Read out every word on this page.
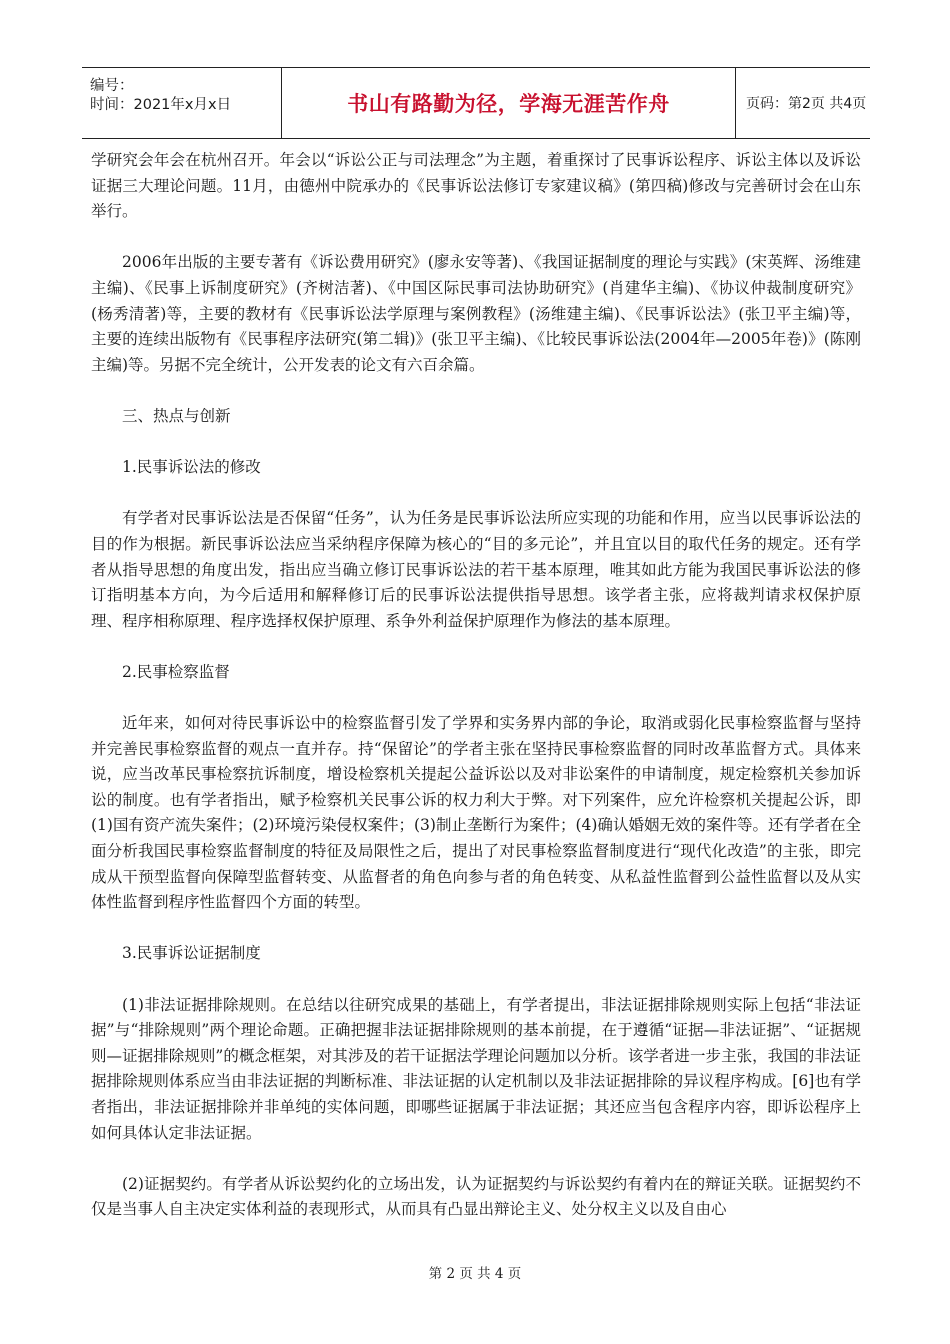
编号：
时间：2021年x月x日	书山有路勤为径，学海无涯苦作舟	页码：第2页 共4页

学研究会年会在杭州召开。年会以“诉讼公正与司法理念”为主题，着重探讨了民事诉讼程序、诉讼主体以及诉讼证据三大理论问题。11月，由德州中院承办的《民事诉讼法修订专家建议稿》(第四稿)修改与完善研讨会在山东举行。

2006年出版的主要专著有《诉讼费用研究》(廖永安等著)、《我国证据制度的理论与实践》(宋英辉、汤维建主编)、《民事上诉制度研究》(齐树洁著)、《中国区际民事司法协助研究》(肖建华主编)、《协议仲裁制度研究》(杨秀清著)等，主要的教材有《民事诉讼法学原理与案例教程》(汤维建主编)、《民事诉讼法》(张卫平主编)等，主要的连续出版物有《民事程序法研究(第二辑)》(张卫平主编)、《比较民事诉讼法(2004年—2005年卷)》(陈刚主编)等。另据不完全统计，公开发表的论文有六百余篇。

三、热点与创新

1.民事诉讼法的修改

有学者对民事诉讼法是否保留“任务”，认为任务是民事诉讼法所应实现的功能和作用，应当以民事诉讼法的目的作为根据。新民事诉讼法应当采纳程序保障为核心的“目的多元论”，并且宜以目的取代任务的规定。还有学者从指导思想的角度出发，指出应当确立修订民事诉讼法的若干基本原理，唯其如此方能为我国民事诉讼法的修订指明基本方向，为今后适用和解释修订后的民事诉讼法提供指导思想。该学者主张，应将裁判请求权保护原理、程序相称原理、程序选择权保护原理、系争外利益保护原理作为修法的基本原理。

2.民事检察监督

近年来，如何对待民事诉讼中的检察监督引发了学界和实务界内部的争论，取消或弱化民事检察监督与坚持并完善民事检察监督的观点一直并存。持“保留论”的学者主张在坚持民事检察监督的同时改革监督方式。具体来说，应当改革民事检察抗诉制度，增设检察机关提起公益诉讼以及对非讼案件的申请制度，规定检察机关参加诉讼的制度。也有学者指出，赋予检察机关民事公诉的权力利大于弊。对下列案件，应允许检察机关提起公诉，即(1)国有资产流失案件；(2)环境污染侵权案件；(3)制止垄断行为案件；(4)确认婚姻无效的案件等。还有学者在全面分析我国民事检察监督制度的特征及局限性之后，提出了对民事检察监督制度进行“现代化改造”的主张，即完成从干预型监督向保障型监督转变、从监督者的角色向参与者的角色转变、从私益性监督到公益性监督以及从实体性监督到程序性监督四个方面的转型。

3.民事诉讼证据制度

(1)非法证据排除规则。在总结以往研究成果的基础上，有学者提出，非法证据排除规则实际上包括“非法证据”与“排除规则”两个理论命题。正确把握非法证据排除规则的基本前提，在于遵循“证据—非法证据”、“证据规则—证据排除规则”的概念框架，对其涉及的若干证据法学理论问题加以分析。该学者进一步主张，我国的非法证据排除规则体系应当由非法证据的判断标准、非法证据的认定机制以及非法证据排除的异议程序构成。[6]也有学者指出，非法证据排除并非单纯的实体问题，即哪些证据属于非法证据；其还应当包含程序内容，即诉讼程序上如何具体认定非法证据。

(2)证据契约。有学者从诉讼契约化的立场出发，认为证据契约与诉讼契约有着内在的辩证关联。证据契约不仅是当事人自主决定实体利益的表现形式，从而具有凸显出辩论主义、处分权主义以及自由心

第 2 页 共 4 页
